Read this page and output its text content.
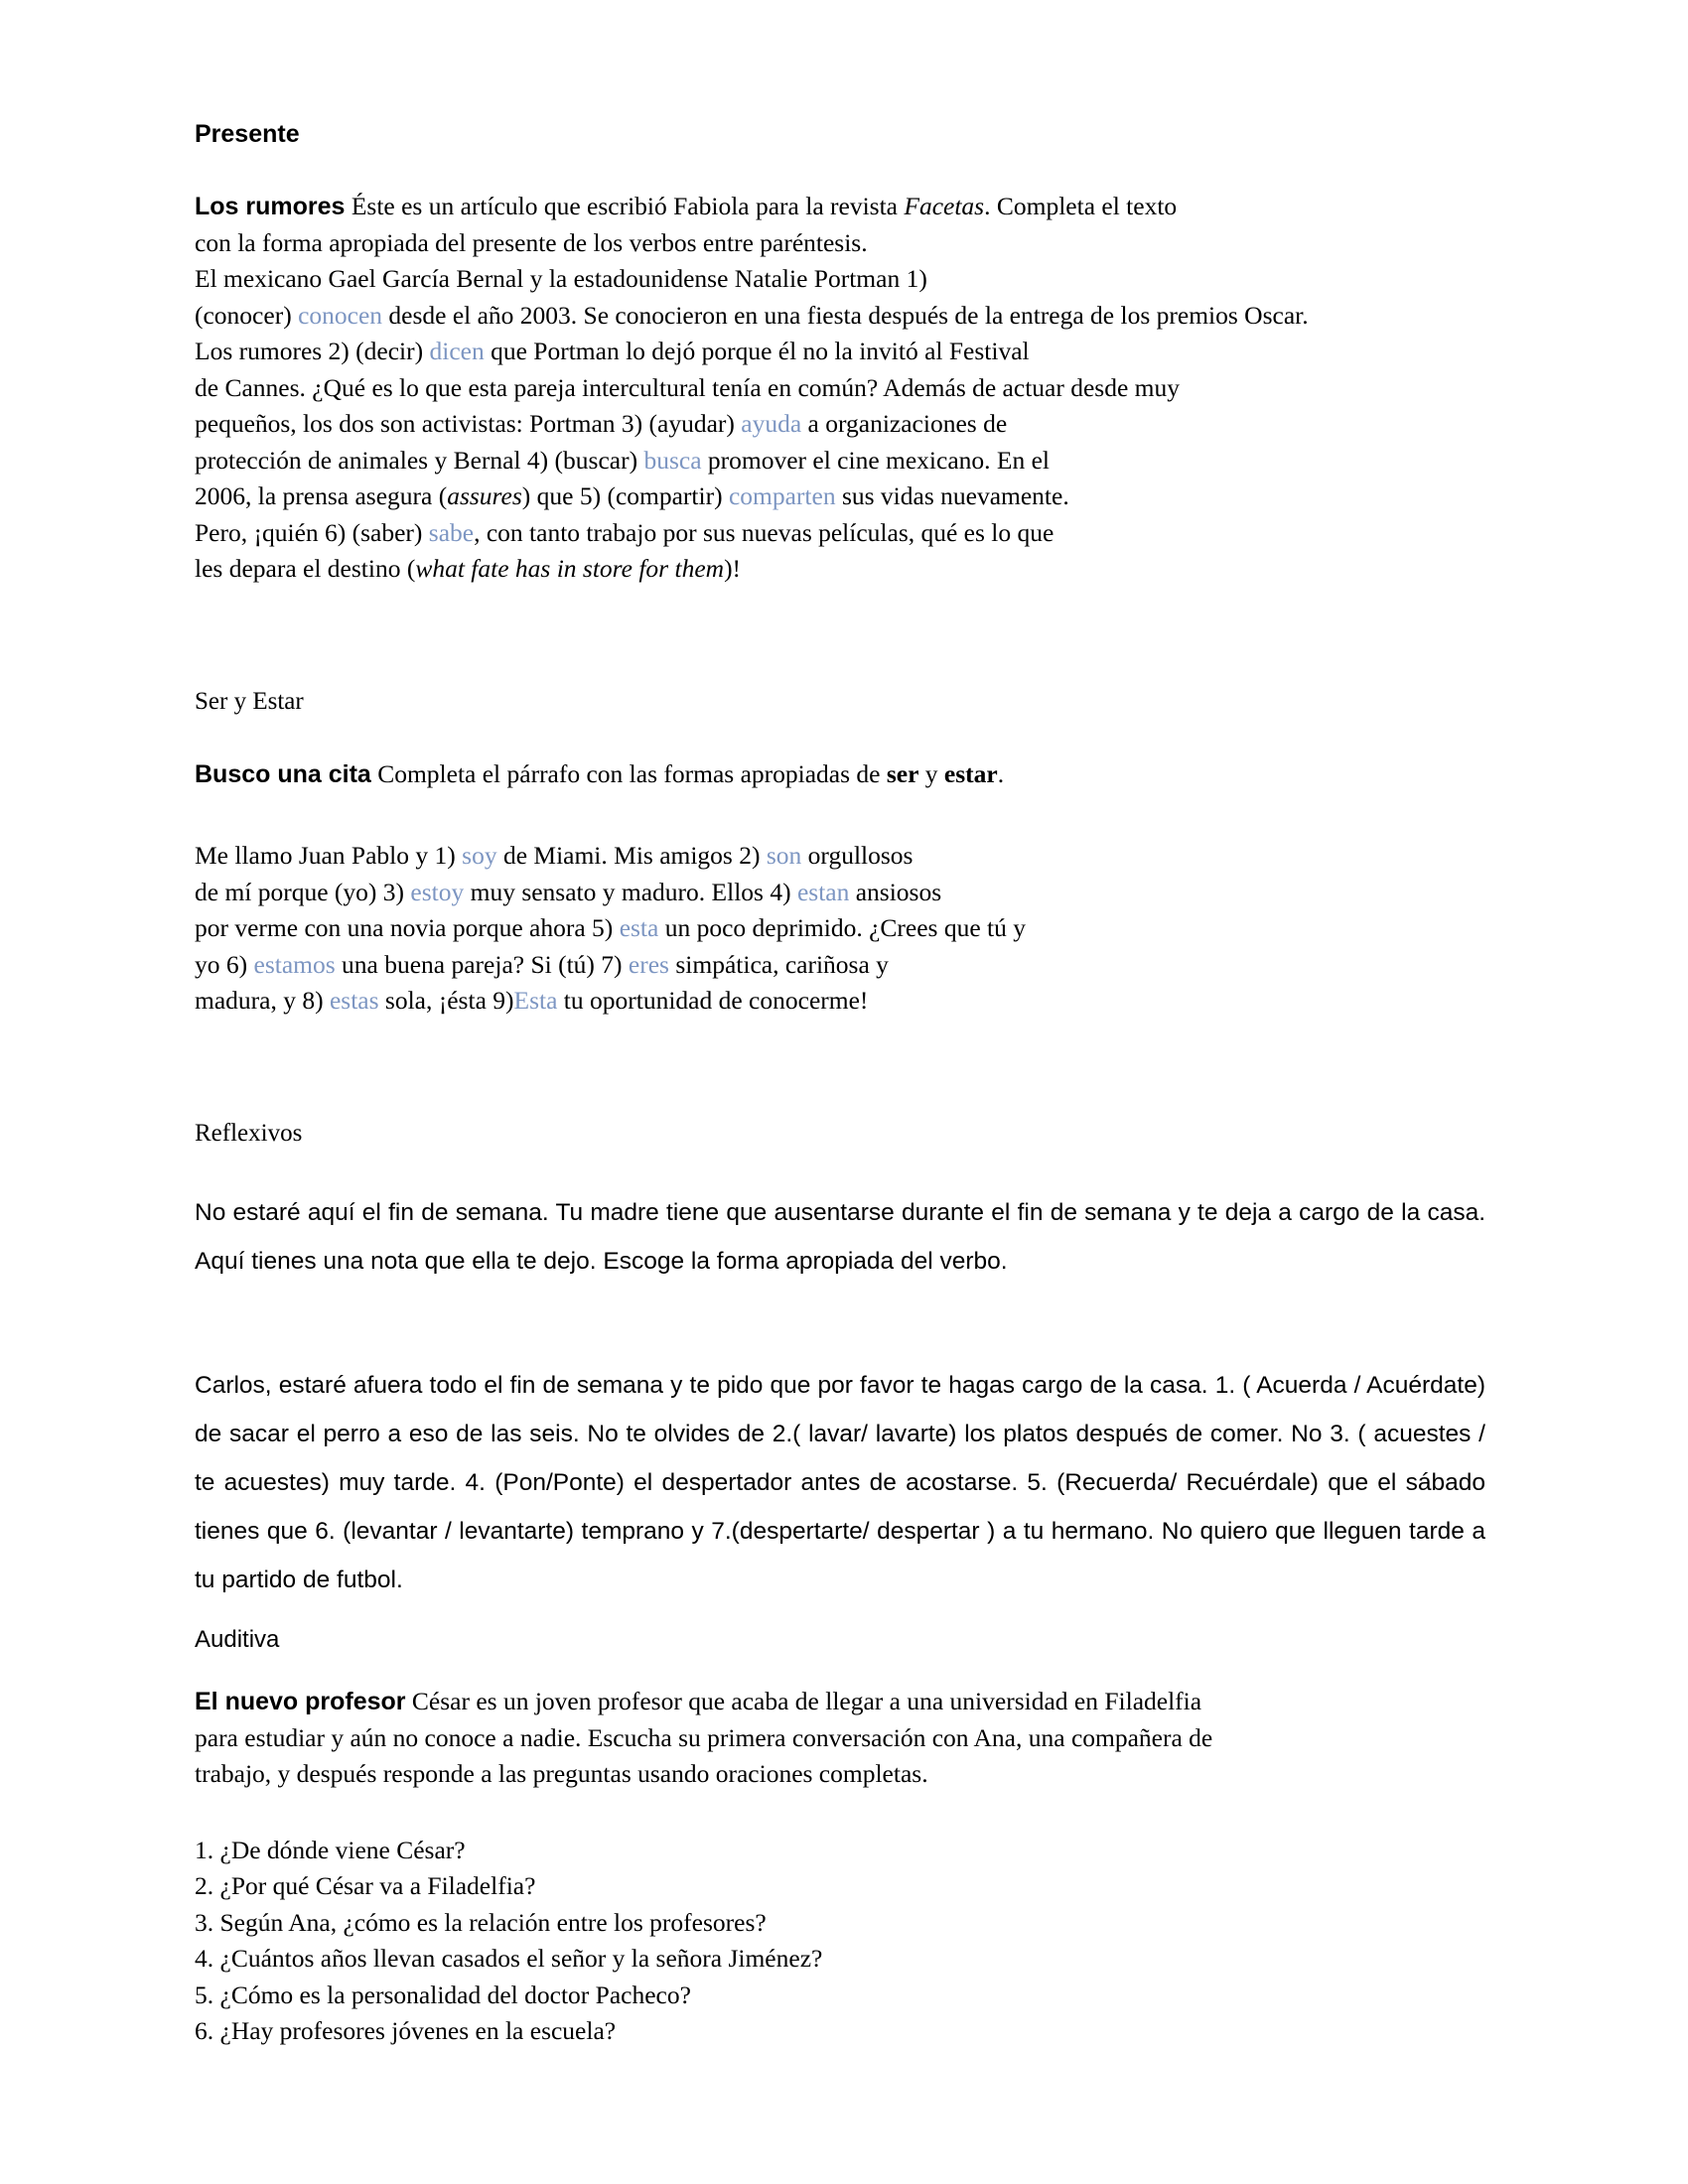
Presente
Los rumores Éste es un artículo que escribió Fabiola para la revista Facetas. Completa el texto
con la forma apropiada del presente de los verbos entre paréntesis.
El mexicano Gael García Bernal y la estadounidense Natalie Portman 1)
(conocer) conocen desde el año 2003. Se conocieron en una fiesta después de la entrega de los premios Oscar.
Los rumores 2) (decir) dicen que Portman lo dejó porque él no la invitó al Festival
de Cannes. ¿Qué es lo que esta pareja intercultural tenía en común? Además de actuar desde muy
pequeños, los dos son activistas: Portman 3) (ayudar) ayuda a organizaciones de
protección de animales y Bernal 4) (buscar) busca promover el cine mexicano. En el
2006, la prensa asegura (assures) que 5) (compartir) comparten sus vidas nuevamente.
Pero, ¡quién 6) (saber) sabe, con tanto trabajo por sus nuevas películas, qué es lo que
les depara el destino (what fate has in store for them)!
Ser y Estar
Busco una cita Completa el párrafo con las formas apropiadas de ser y estar.
Me llamo Juan Pablo y 1) soy de Miami. Mis amigos 2) son orgullosos
de mí porque (yo) 3) estoy muy sensato y maduro. Ellos 4) estan ansiosos
por verme con una novia porque ahora 5) esta un poco deprimido. ¿Crees que tú y
yo 6) estamos una buena pareja? Si (tú) 7) eres simpática, cariñosa y
madura, y 8) estas sola, ¡ésta 9)Esta tu oportunidad de conocerme!
Reflexivos
No estaré aquí el fin de semana. Tu madre tiene que ausentarse durante el fin de semana y te deja a cargo de la casa. Aquí tienes una nota que ella te dejo. Escoge la forma apropiada del verbo.
Carlos, estaré afuera todo el fin de semana y te pido que por favor te hagas cargo de la casa. 1. ( Acuerda / Acuérdate) de sacar el perro a eso de las seis. No te olvides de 2.( lavar/ lavarte) los platos después de comer. No 3. ( acuestes / te acuestes) muy tarde. 4. (Pon/Ponte) el despertador antes de acostarse. 5. (Recuerda/ Recuérdale) que el sábado tienes que 6. (levantar / levantarte) temprano y 7.(despertarte/ despertar ) a tu hermano. No quiero que lleguen tarde a tu partido de futbol.
Auditiva
El nuevo profesor César es un joven profesor que acaba de llegar a una universidad en Filadelfia
para estudiar y aún no conoce a nadie. Escucha su primera conversación con Ana, una compañera de
trabajo, y después responde a las preguntas usando oraciones completas.
1. ¿De dónde viene César?
2. ¿Por qué César va a Filadelfia?
3. Según Ana, ¿cómo es la relación entre los profesores?
4. ¿Cuántos años llevan casados el señor y la señora Jiménez?
5. ¿Cómo es la personalidad del doctor Pacheco?
6. ¿Hay profesores jóvenes en la escuela?
